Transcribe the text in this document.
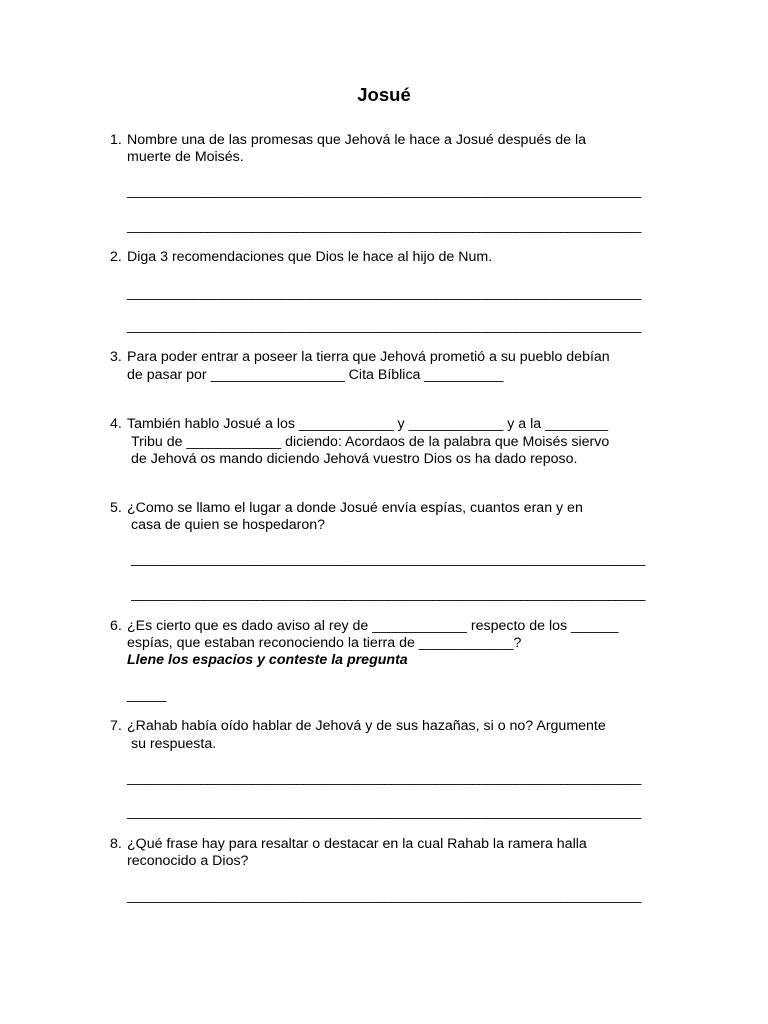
Josué
1. Nombre una de las promesas que Jehová le hace a Josué después de la
muerte de Moisés.
______________________________________________________________________
______________________________________________________________________
2. Diga 3 recomendaciones que Dios le hace al hijo de Num.
______________________________________________________________________
______________________________________________________________________
3. Para poder entrar a poseer la tierra que Jehová prometió a su pueblo debían
de pasar por _________________ Cita Bíblica __________
4. También hablo Josué a los ____________ y ____________ y a la ________
Tribu de ____________ diciendo: Acordaos de la palabra que Moisés siervo
de Jehová os mando diciendo Jehová vuestro Dios os ha dado reposo.
5. ¿Como se llamo el lugar a donde Josué envía espías, cuantos eran y en
casa de quien se hospedaron?
______________________________________________________________________
______________________________________________________________________
6. ¿Es cierto que es dado aviso al rey de ____________ respecto de los ______
espías, que estaban reconociendo la tierra de ____________?
Llene los espacios y conteste la pregunta
_____
7. ¿Rahab había oído hablar de Jehová y de sus hazañas, si o no? Argumente
su respuesta.
______________________________________________________________________
______________________________________________________________________
8. ¿Qué frase hay para resaltar o destacar en la cual Rahab la ramera halla
reconocido a Dios?
______________________________________________________________________
